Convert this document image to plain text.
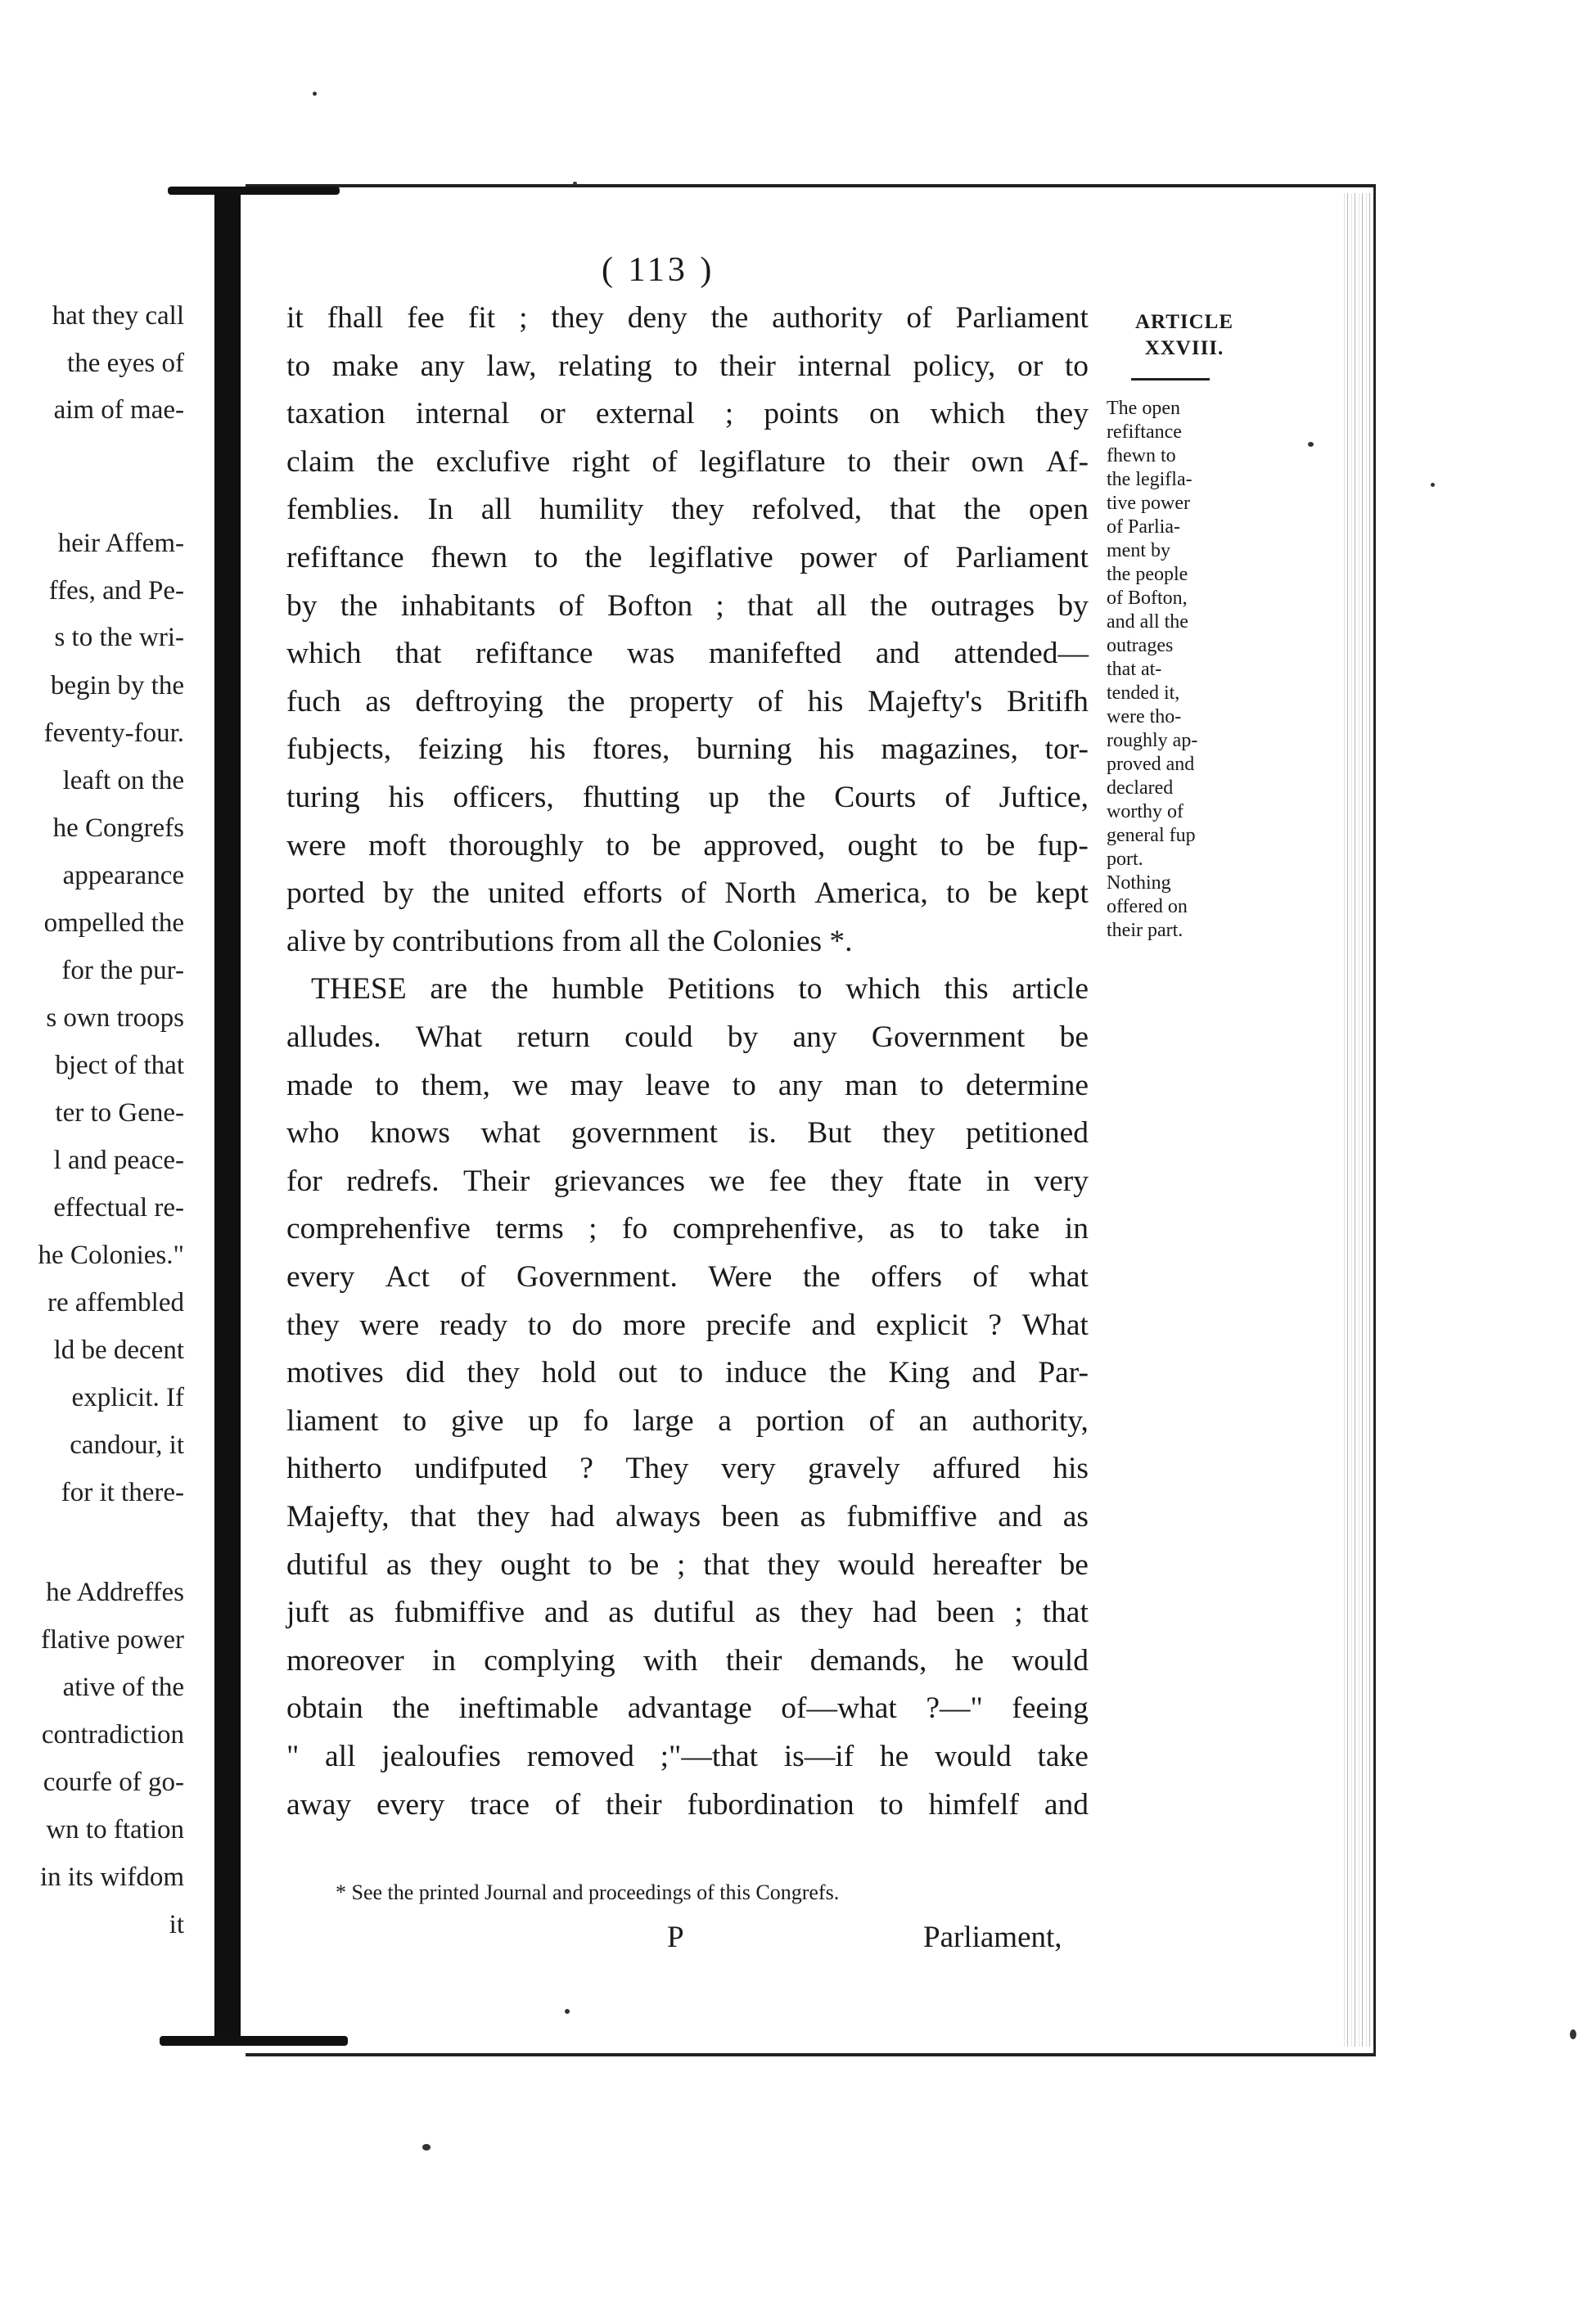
hat they call
the eyes of
aim of mae-
heir Affem-
ffes, and Pe-
s to the wri-
begin by the
feventy-four.
leaft on the
he Congrefs
appearance
ompelled the
for the pur-
s own troops
bject of that
ter to Gene-
l and peace-
effectual re-
he Colonies."
re affembled
ld be decent
explicit. If
candour, it
for it there-
he Addreffes
flative power
ative of the
contradiction
courfe of go-
wn to ftation
in its wifdom
it
( 113 )
it fhall fee fit ; they deny the authority of Parliament
to make any law, relating to their internal policy, or to
taxation internal or external ; points on which they
claim the exclufive right of legiflature to their own Af-
femblies. In all humility they refolved, that the open
refiftance fhewn to the legiflative power of Parliament
by the inhabitants of Bofton ; that all the outrages by
which that refiftance was manifefted and attended—
fuch as deftroying the property of his Majefty's Britifh
fubjects, feizing his ftores, burning his magazines, tor-
turing his officers, fhutting up the Courts of Juftice,
were moft thoroughly to be approved, ought to be fup-
ported by the united efforts of North America, to be kept
alive by contributions from all the Colonies *.
THESE are the humble Petitions to which this article
alludes. What return could by any Government be
made to them, we may leave to any man to determine
who knows what government is. But they petitioned
for redrefs. Their grievances we fee they ftate in very
comprehenfive terms ; fo comprehenfive, as to take in
every Act of Government. Were the offers of what
they were ready to do more precife and explicit ? What
motives did they hold out to induce the King and Par-
liament to give up fo large a portion of an authority,
hitherto undifputed ? They very gravely affured his
Majefty, that they had always been as fubmiffive and as
dutiful as they ought to be ; that they would hereafter be
juft as fubmiffive and as dutiful as they had been ; that
moreover in complying with their demands, he would
obtain the ineftimable advantage of—what ?—" feeing
" all jealoufies removed ;"—that is—if he would take
away every trace of their fubordination to himfelf and
ARTICLE
XXVIII.
The open
refiftance
fhewn to
the legifla-
tive power
of Parlia-
ment by
the people
of Bofton,
and all the
outrages
that at-
tended it,
were tho-
roughly ap-
proved and
declared
worthy of
general fup
port.
Nothing
offered on
their part.
* See the printed Journal and proceedings of this Congrefs.
P	Parliament,
